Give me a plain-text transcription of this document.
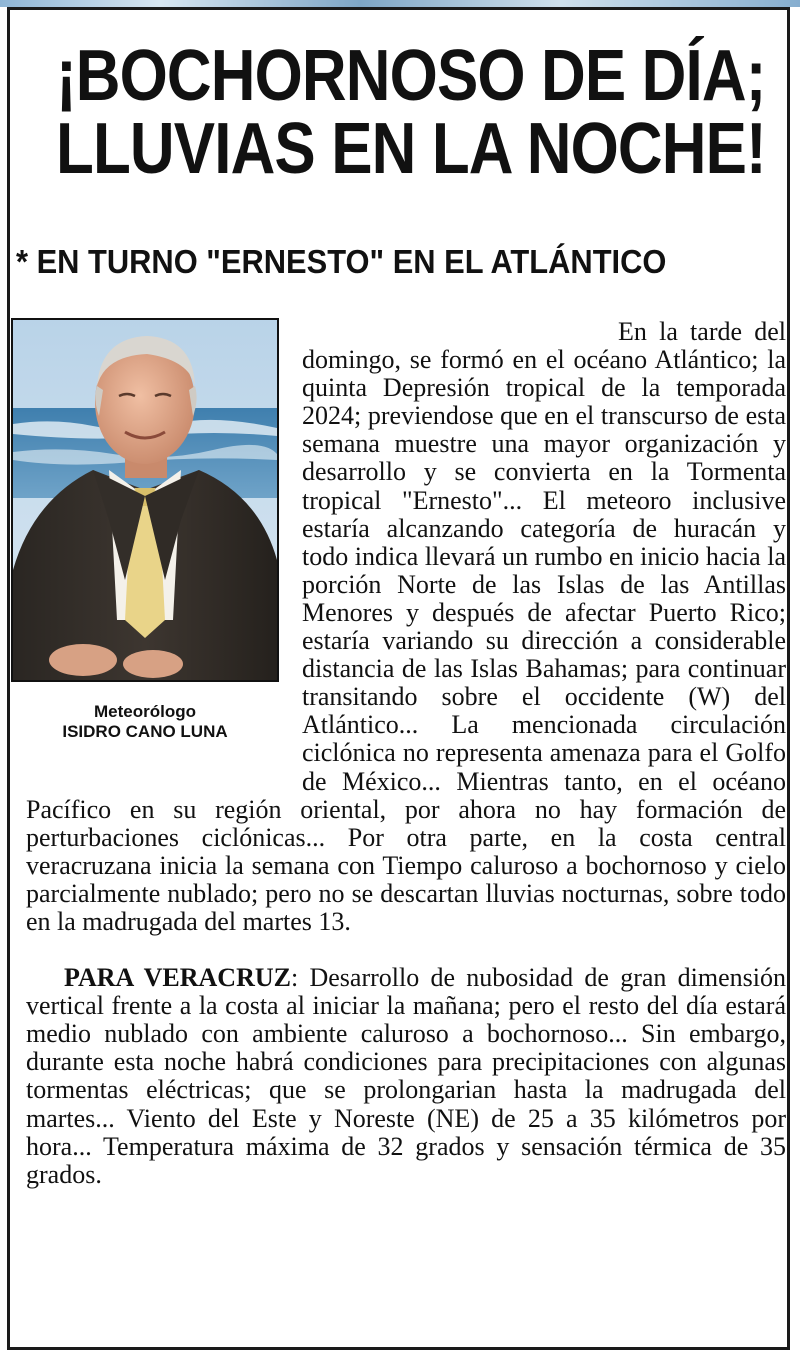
¡BOCHORNOSO DE DÍA;
LLUVIAS EN LA NOCHE!
* EN TURNO "ERNESTO" EN EL ATLÁNTICO
Meteorólogo
ISIDRO CANO LUNA

En la tarde del domingo, se formó en el océano Atlántico; la quinta Depresión tropical de la temporada 2024; previendose que en el transcurso de esta semana muestre una mayor organización y desarrollo y se convierta en la Tormenta tropical "Ernesto"... El meteoro inclusive estaría alcanzando categoría de huracán y todo indica llevará un rumbo en inicio hacia la porción Norte de las Islas de las Antillas Menores y después de afectar Puerto Rico; estaría variando su dirección a considerable distancia de las Islas Bahamas; para continuar transitando sobre el occidente (W) del Atlántico... La mencionada circulación ciclónica no representa amenaza para el Golfo de México... Mientras tanto, en el océano Pacífico en su región oriental, por ahora no hay formación de perturbaciones ciclónicas... Por otra parte, en la costa central veracruzana inicia la semana con Tiempo caluroso a bochornoso y cielo parcialmente nublado; pero no se descartan lluvias nocturnas, sobre todo en la madrugada del martes 13.

PARA VERACRUZ: Desarrollo de nubosidad de gran dimensión vertical frente a la costa al iniciar la mañana; pero el resto del día estará medio nublado con ambiente caluroso a bochornoso... Sin embargo, durante esta noche habrá condiciones para precipitaciones con algunas tormentas eléctricas; que se prolongarian hasta la madrugada del martes... Viento del Este y Noreste (NE) de 25 a 35 kilómetros por hora... Temperatura máxima de 32 grados y sensación térmica de 35 grados.
